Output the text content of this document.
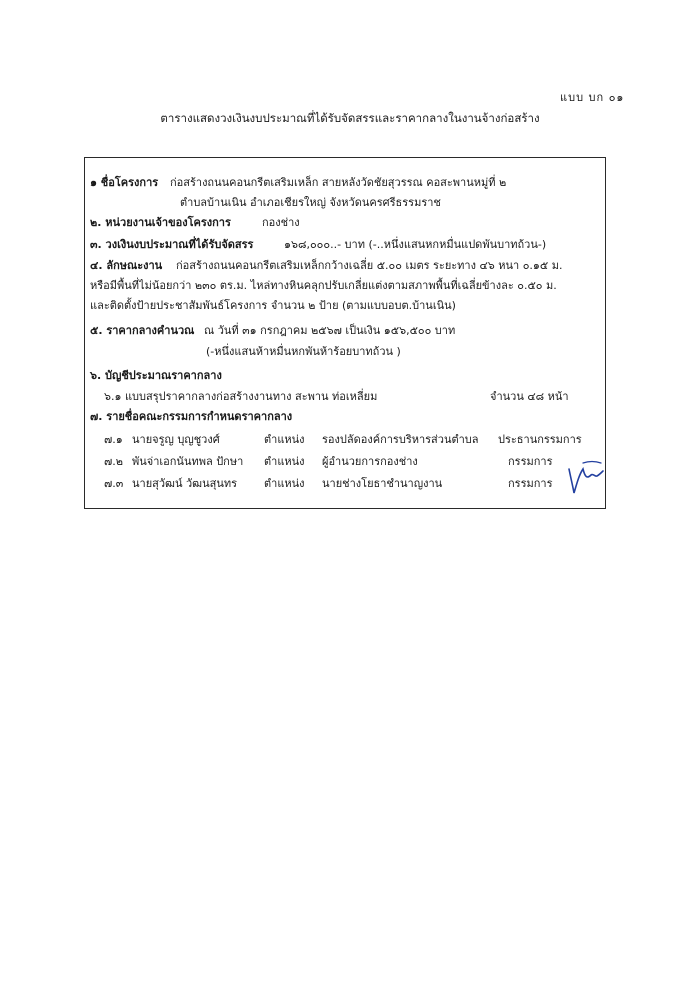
แบบ บก ๐๑
ตารางแสดงวงเงินงบประมาณที่ได้รับจัดสรรและราคากลางในงานจ้างก่อสร้าง
๑ ชื่อโครงการ ก่อสร้างถนนคอนกรีตเสริมเหล็ก สายหลังวัดชัยสุวรรณ คอสะพานหมู่ที่ ๒
ตำบลบ้านเนิน อำเภอเชียรใหญ่ จังหวัดนครศรีธรรมราช
๒. หน่วยงานเจ้าของโครงการ	กองช่าง
๓. วงเงินงบประมาณที่ได้รับจัดสรร	๑๖๘,๐๐๐..- บาท (-..หนึ่งแสนหกหมื่นแปดพันบาทถ้วน-)
๔. ลักษณะงาน ก่อสร้างถนนคอนกรีตเสริมเหล็กกว้างเฉลี่ย ๕.๐๐ เมตร ระยะทาง ๔๖ หนา ๐.๑๕ ม.
หรือมีพื้นที่ไม่น้อยกว่า ๒๓๐ ตร.ม. ไหล่ทางหินคลุกปรับเกลี่ยแต่งตามสภาพพื้นที่เฉลี่ยข้างละ ๐.๕๐ ม.
และติดตั้งป้ายประชาสัมพันธ์โครงการ จำนวน ๒ ป้าย (ตามแบบอบต.บ้านเนิน)
๕. ราคากลางคำนวณ ณ วันที่ ๓๑ กรกฎาคม ๒๕๖๗ เป็นเงิน ๑๕๖,๕๐๐ บาท
(-หนึ่งแสนห้าหมื่นหกพันห้าร้อยบาทถ้วน )
๖. บัญชีประมาณราคากลาง
๖.๑ แบบสรุปราคากลางก่อสร้างงานทาง สะพาน ท่อเหลี่ยม	จำนวน ๔๘ หน้า
๗. รายชื่อคณะกรรมการกำหนดราคากลาง
๗.๑ นายจรูญ บุญชูวงศ์	ตำแหน่ง รองปลัดองค์การบริหารส่วนตำบล ประธานกรรมการ
๗.๒ พันจ่าเอกนันทพล ปักษา ตำแหน่ง ผู้อำนวยการกองช่าง	กรรมการ
๗.๓ นายสุวัฒน์ วัฒนสุนทร ตำแหน่ง นายช่างโยธาชำนาญงาน	กรรมการ
